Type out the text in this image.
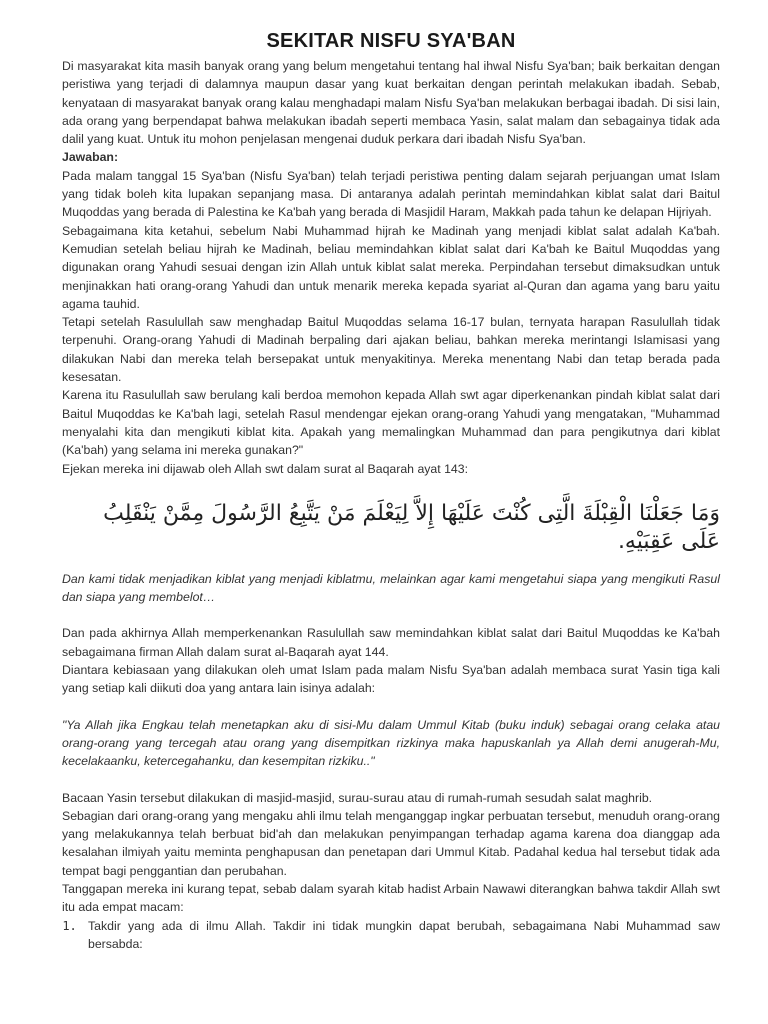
SEKITAR NISFU SYA'BAN

Di masyarakat kita masih banyak orang yang belum mengetahui tentang hal ihwal Nisfu Sya'ban; baik berkaitan dengan peristiwa yang terjadi di dalamnya maupun dasar yang kuat berkaitan dengan perintah melakukan ibadah. Sebab, kenyataan di masyarakat banyak orang kalau menghadapi malam Nisfu Sya'ban melakukan berbagai ibadah. Di sisi lain, ada orang yang berpendapat bahwa melakukan ibadah seperti membaca Yasin, salat malam dan sebagainya tidak ada dalil yang kuat. Untuk itu mohon penjelasan mengenai duduk perkara dari ibadah Nisfu Sya'ban.

Jawaban:

Pada malam tanggal 15 Sya'ban (Nisfu Sya'ban) telah terjadi peristiwa penting dalam sejarah perjuangan umat Islam yang tidak boleh kita lupakan sepanjang masa. Di antaranya adalah perintah memindahkan kiblat salat dari Baitul Muqoddas yang berada di Palestina ke Ka'bah yang berada di Masjidil Haram, Makkah pada tahun ke delapan Hijriyah.

Sebagaimana kita ketahui, sebelum Nabi Muhammad hijrah ke Madinah yang menjadi kiblat salat adalah Ka'bah. Kemudian setelah beliau hijrah ke Madinah, beliau memindahkan kiblat salat dari Ka'bah ke Baitul Muqoddas yang digunakan orang Yahudi sesuai dengan izin Allah untuk kiblat salat mereka. Perpindahan tersebut dimaksudkan untuk menjinakkan hati orang-orang Yahudi dan untuk menarik mereka kepada syariat al-Quran dan agama yang baru yaitu agama tauhid.

Tetapi setelah Rasulullah saw menghadap Baitul Muqoddas selama 16-17 bulan, ternyata harapan Rasulullah tidak terpenuhi. Orang-orang Yahudi di Madinah berpaling dari ajakan beliau, bahkan mereka merintangi Islamisasi yang dilakukan Nabi dan mereka telah bersepakat untuk menyakitinya. Mereka menentang Nabi dan tetap berada pada kesesatan.

Karena itu Rasulullah saw berulang kali berdoa memohon kepada Allah swt agar diperkenankan pindah kiblat salat dari Baitul Muqoddas ke Ka'bah lagi, setelah Rasul mendengar ejekan orang-orang Yahudi yang mengatakan, "Muhammad menyalahi kita dan mengikuti kiblat kita. Apakah yang memalingkan Muhammad dan para pengikutnya dari kiblat (Ka'bah) yang selama ini mereka gunakan?"

Ejekan mereka ini dijawab oleh Allah swt dalam surat al Baqarah ayat 143:

وَمَا جَعَلْنَا الْقِبْلَةَ الَّتِى كُنْتَ عَلَيْهَا إِلاَّ لِيَعْلَمَ مَنْ يَتَّبِعُ الرَّسُولَ مِمَّنْ يَنْقَلِبُ عَلَى عَقِبَيْهِ.

Dan kami tidak menjadikan kiblat yang menjadi kiblatmu, melainkan agar kami mengetahui siapa yang mengikuti Rasul dan siapa yang membelot…

Dan pada akhirnya Allah memperkenankan Rasulullah saw memindahkan kiblat salat dari Baitul Muqoddas ke Ka'bah sebagaimana firman Allah dalam surat al-Baqarah ayat 144.

Diantara kebiasaan yang dilakukan oleh umat Islam pada malam Nisfu Sya'ban adalah membaca surat Yasin tiga kali yang setiap kali diikuti doa yang antara lain isinya adalah:

"Ya Allah jika Engkau telah menetapkan aku di sisi-Mu dalam Ummul Kitab (buku induk) sebagai orang celaka atau orang-orang yang tercegah atau orang yang disempitkan rizkinya maka hapuskanlah ya Allah demi anugerah-Mu, kecelakaanku, ketercegahanku, dan kesempitan rizkiku.."

Bacaan Yasin tersebut dilakukan di masjid-masjid, surau-surau atau di rumah-rumah sesudah salat maghrib.

Sebagian dari orang-orang yang mengaku ahli ilmu telah menganggap ingkar perbuatan tersebut, menuduh orang-orang yang melakukannya telah berbuat bid'ah dan melakukan penyimpangan terhadap agama karena doa dianggap ada kesalahan ilmiyah yaitu meminta penghapusan dan penetapan dari Ummul Kitab. Padahal kedua hal tersebut tidak ada tempat bagi penggantian dan perubahan.

Tanggapan mereka ini kurang tepat, sebab dalam syarah kitab hadist Arbain Nawawi diterangkan bahwa takdir Allah swt itu ada empat macam:

1. Takdir yang ada di ilmu Allah. Takdir ini tidak mungkin dapat berubah, sebagaimana Nabi Muhammad saw bersabda:
